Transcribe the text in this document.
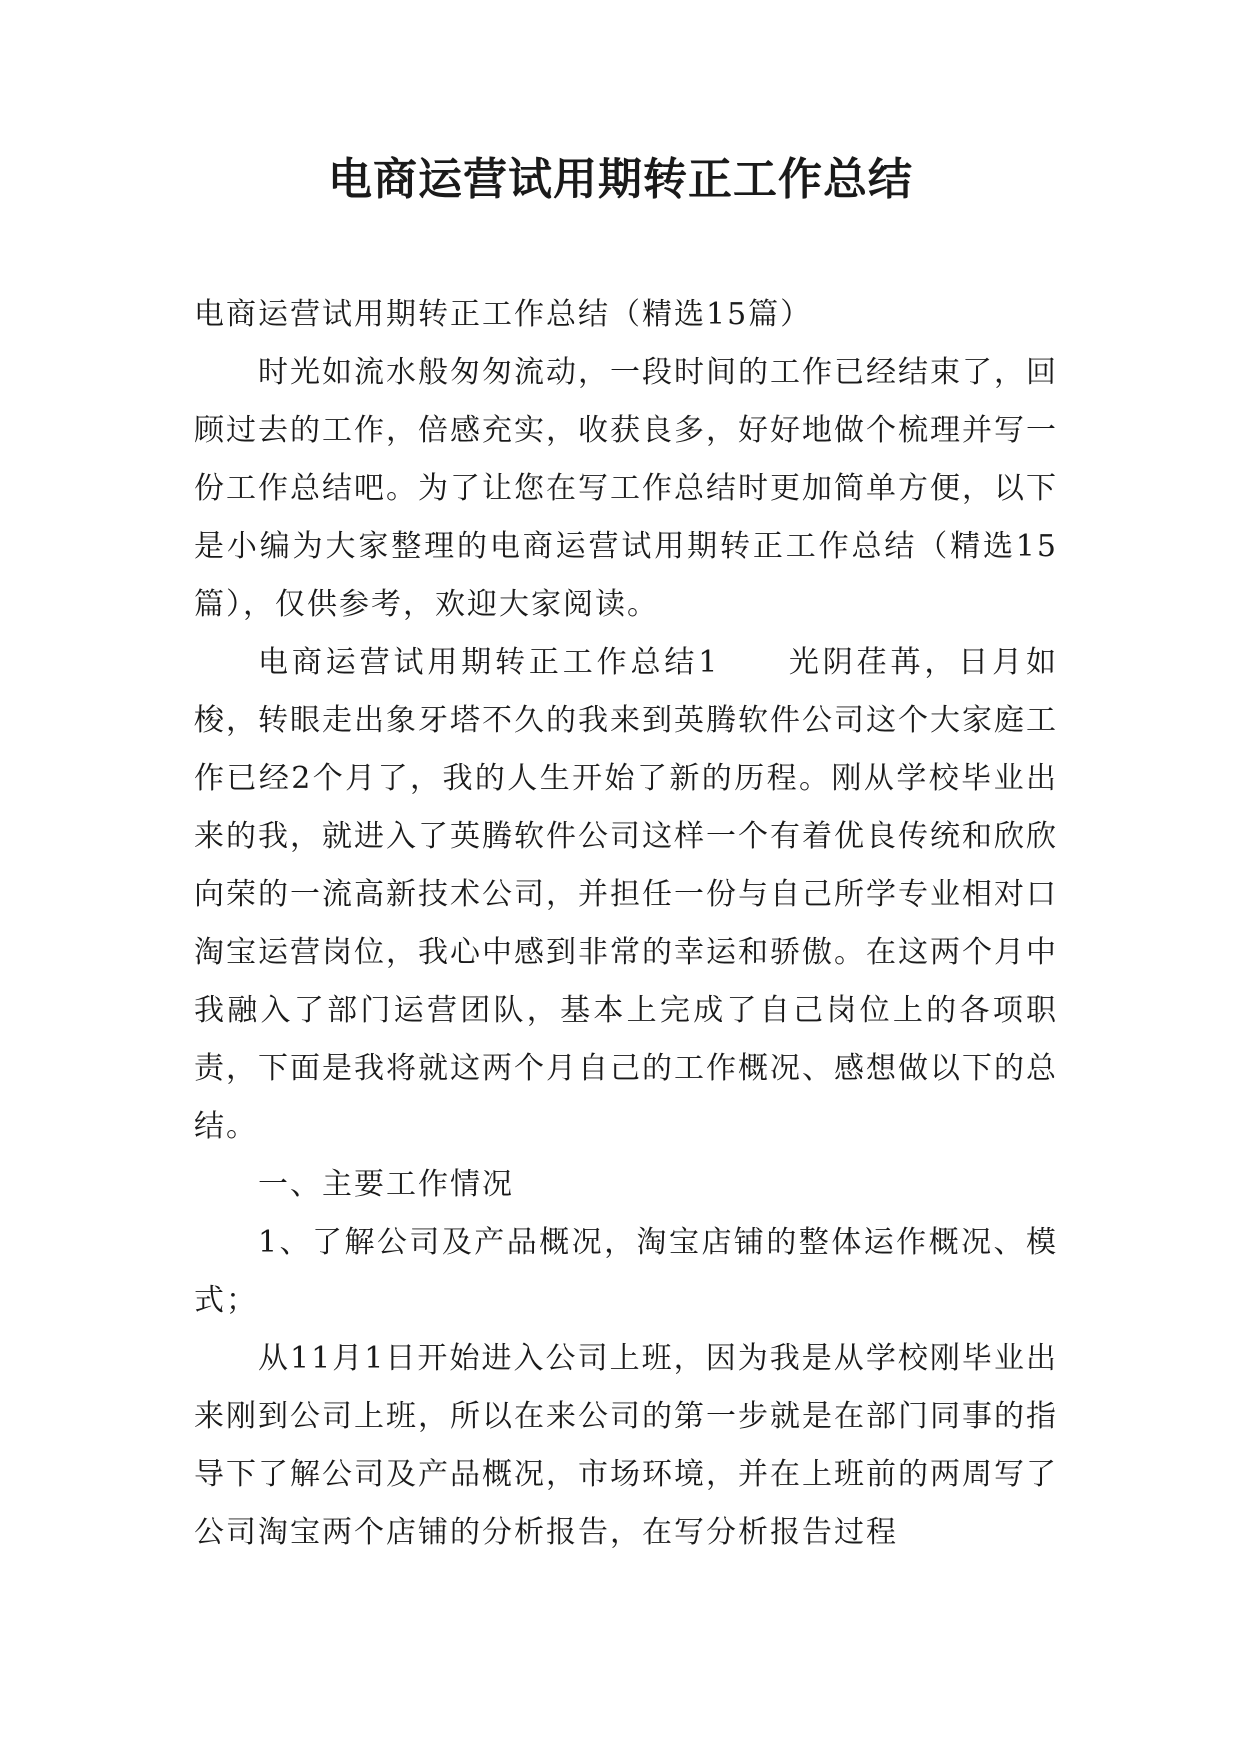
电商运营试用期转正工作总结

电商运营试用期转正工作总结（精选15篇）

时光如流水般匆匆流动，一段时间的工作已经结束了，回顾过去的工作，倍感充实，收获良多，好好地做个梳理并写一份工作总结吧。为了让您在写工作总结时更加简单方便，以下是小编为大家整理的电商运营试用期转正工作总结（精选15篇），仅供参考，欢迎大家阅读。

电商运营试用期转正工作总结1　　光阴荏苒，日月如梭，转眼走出象牙塔不久的我来到英腾软件公司这个大家庭工作已经2个月了，我的人生开始了新的历程。刚从学校毕业出来的我，就进入了英腾软件公司这样一个有着优良传统和欣欣向荣的一流高新技术公司，并担任一份与自己所学专业相对口淘宝运营岗位，我心中感到非常的幸运和骄傲。在这两个月中我融入了部门运营团队，基本上完成了自己岗位上的各项职责，下面是我将就这两个月自己的工作概况、感想做以下的总结。

一、主要工作情况

1、了解公司及产品概况，淘宝店铺的整体运作概况、模式；

从11月1日开始进入公司上班，因为我是从学校刚毕业出来刚到公司上班，所以在来公司的第一步就是在部门同事的指导下了解公司及产品概况，市场环境，并在上班前的两周写了公司淘宝两个店铺的分析报告，在写分析报告过程
